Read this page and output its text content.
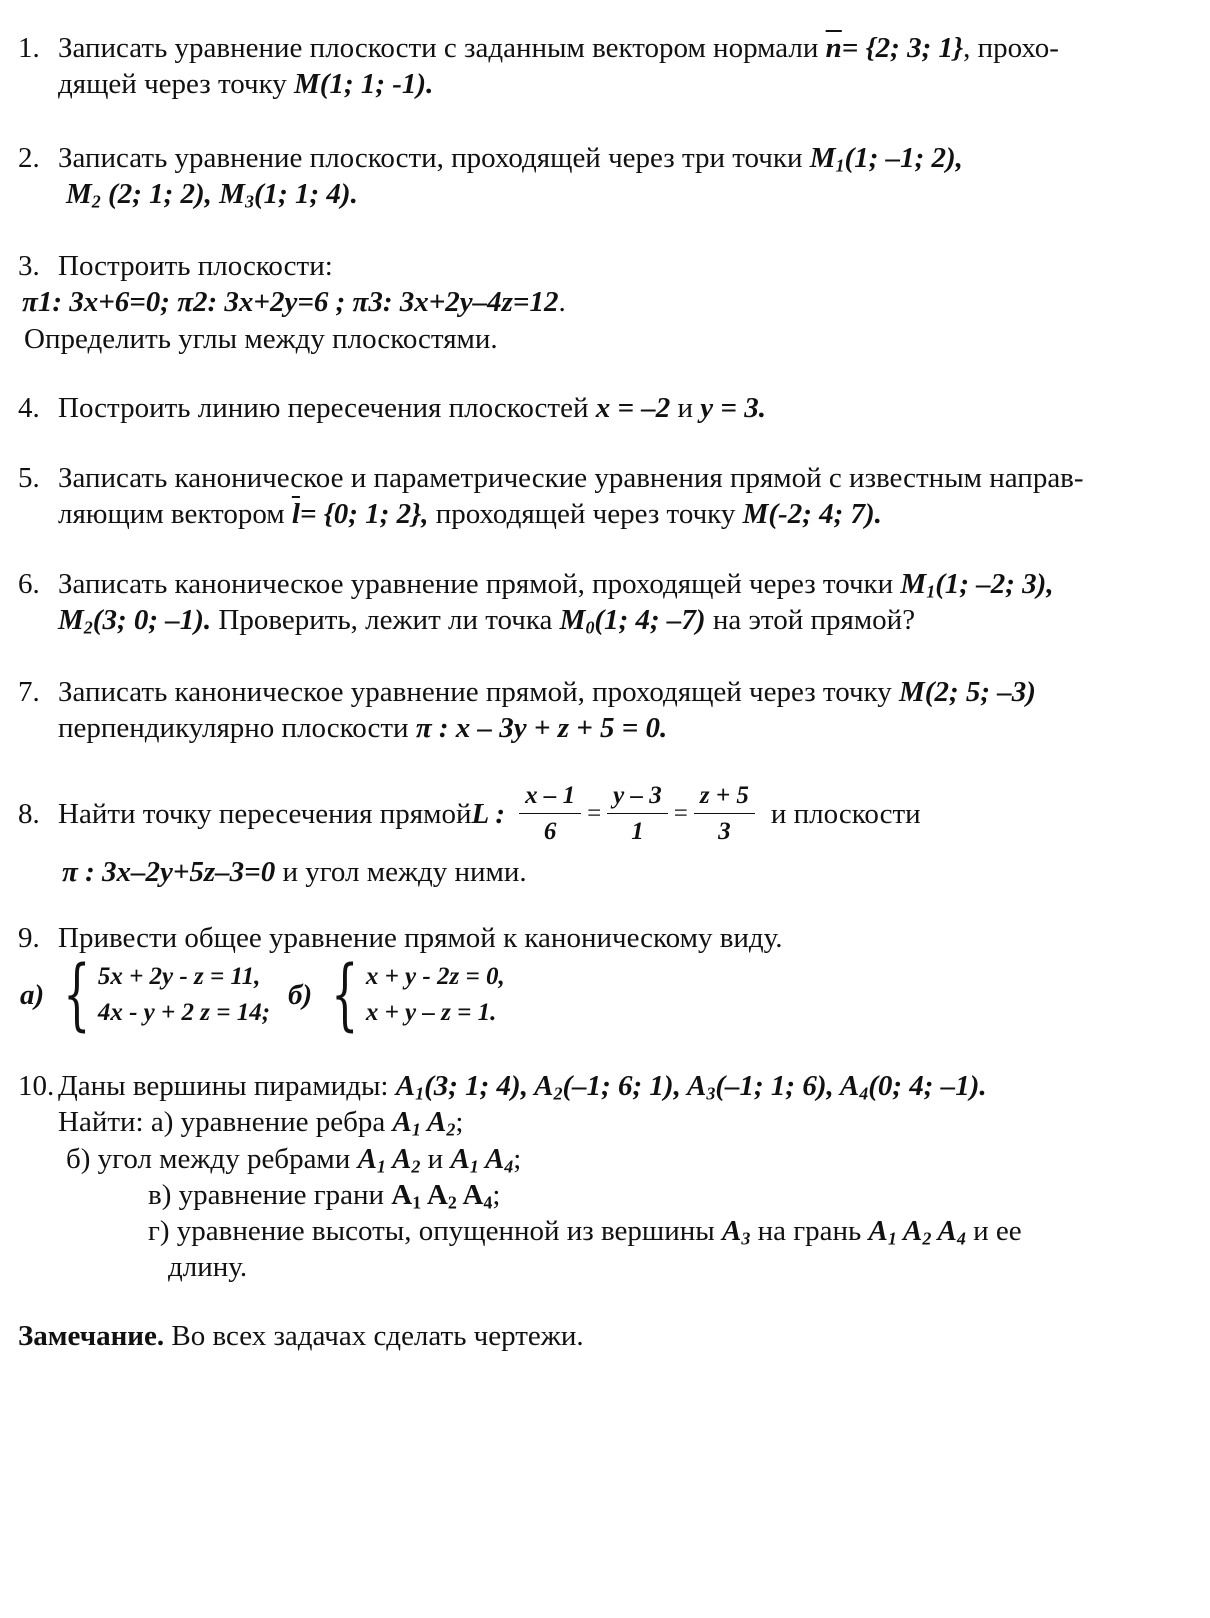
1. Записать уравнение плоскости с заданным вектором нормали $\overline{n}= \{2$; 3; 1}, прохо-
дящей через точку M(1; 1; -1).
2. Записать уравнение плоскости, проходящей через три точки $M_1(1$; –1; 2),
$M_2$ (2; 1; 2), $M_3(1$; 1; 4).
3. Построить плоскости:
π1: 3x+6=0; π2: 3x+2y=6 ; π3: 3x+2y–4z=12.
Определить углы между плоскостями.
4. Построить линию пересечения плоскостей x = –2 и y = 3.
5. Записать каноническое и параметрические уравнения прямой с известным направ-
ляющим вектором $\overline{l}= \{0$; 1; 2}, проходящей через точку M(-2; 4; 7).
6. Записать каноническое уравнение прямой, проходящей через точки $M_1(1$; –2; 3),
$M_2(3$; 0; –1). Проверить, лежит ли точка $M_0(1$; 4; –7) на этой прямой?
7. Записать каноническое уравнение прямой, проходящей через точку M(2; 5; –3)
перпендикулярно плоскости π : x – 3y + z + 5 = 0.
8. Найти точку пересечения прямой L : $\frac{x - 1}{6} = \frac{y - 3}{1} = \frac{z + 5}{3}$ и плоскости
π : 3x–2y+5z–3=0 и угол между ними.
9. Привести общее уравнение прямой к каноническому виду.

а) { 5x + 2y - z = 11,
4x - y + 2 z = 14;
б) { x + y - 2z = 0,
x + y – z = 1.
10. Даны вершины пирамиды: $A_1(3$; 1; 4), $A_2(-1$; 6; 1), $A_3(-1$; 1; 6), $A_4(0$; 4; –1).
Найти: а) уравнение ребра $A_1$ $A_2$;
б) угол между ребрами $A_1$ $A_2$ и $A_1$ $A_4$;
в) уравнение грани $A_1$ $A_2$ $A_4$;
г) уравнение высоты, опущенной из вершины $A_3$ на грань $A_1$ $A_2$ $A_4$ и ее
длину.
Замечание. Во всех задачах сделать чертежи.
